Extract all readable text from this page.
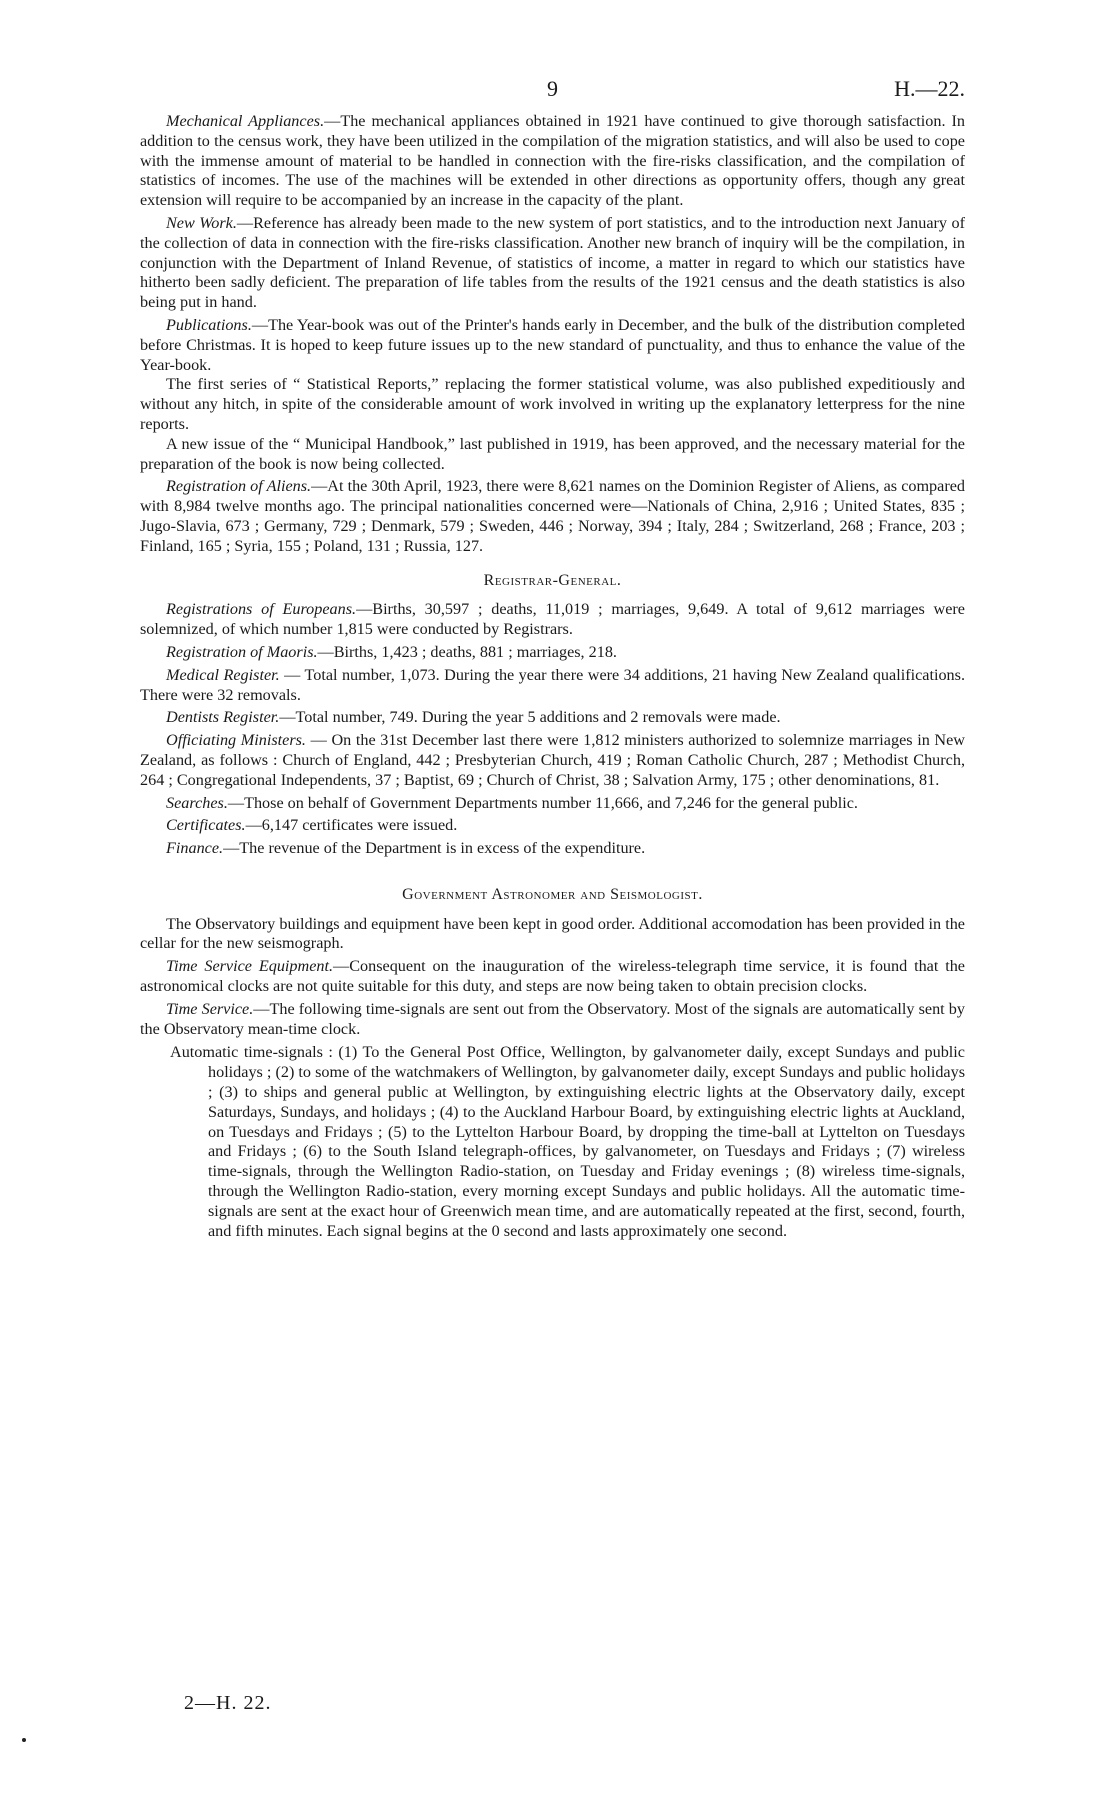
9	H.—22.

Mechanical Appliances.—The mechanical appliances obtained in 1921 have continued to give thorough satisfaction. In addition to the census work, they have been utilized in the compilation of the migration statistics, and will also be used to cope with the immense amount of material to be handled in connection with the fire-risks classification, and the compilation of statistics of incomes. The use of the machines will be extended in other directions as opportunity offers, though any great extension will require to be accompanied by an increase in the capacity of the plant.

New Work.—Reference has already been made to the new system of port statistics, and to the introduction next January of the collection of data in connection with the fire-risks classification. Another new branch of inquiry will be the compilation, in conjunction with the Department of Inland Revenue, of statistics of income, a matter in regard to which our statistics have hitherto been sadly deficient. The preparation of life tables from the results of the 1921 census and the death statistics is also being put in hand.

Publications.—The Year-book was out of the Printer's hands early in December, and the bulk of the distribution completed before Christmas. It is hoped to keep future issues up to the new standard of punctuality, and thus to enhance the value of the Year-book.

The first series of “ Statistical Reports,” replacing the former statistical volume, was also published expeditiously and without any hitch, in spite of the considerable amount of work involved in writing up the explanatory letterpress for the nine reports.

A new issue of the “ Municipal Handbook,” last published in 1919, has been approved, and the necessary material for the preparation of the book is now being collected.

Registration of Aliens.—At the 30th April, 1923, there were 8,621 names on the Dominion Register of Aliens, as compared with 8,984 twelve months ago. The principal nationalities concerned were—Nationals of China, 2,916 ; United States, 835 ; Jugo-Slavia, 673 ; Germany, 729 ; Denmark, 579 ; Sweden, 446 ; Norway, 394 ; Italy, 284 ; Switzerland, 268 ; France, 203 ; Finland, 165 ; Syria, 155 ; Poland, 131 ; Russia, 127.

Registrar-General.

Registrations of Europeans.—Births, 30,597 ; deaths, 11,019 ; marriages, 9,649. A total of 9,612 marriages were solemnized, of which number 1,815 were conducted by Registrars.

Registration of Maoris.—Births, 1,423 ; deaths, 881 ; marriages, 218.

Medical Register. — Total number, 1,073. During the year there were 34 additions, 21 having New Zealand qualifications. There were 32 removals.

Dentists Register.—Total number, 749. During the year 5 additions and 2 removals were made.

Officiating Ministers. — On the 31st December last there were 1,812 ministers authorized to solemnize marriages in New Zealand, as follows : Church of England, 442 ; Presbyterian Church, 419 ; Roman Catholic Church, 287 ; Methodist Church, 264 ; Congregational Independents, 37 ; Baptist, 69 ; Church of Christ, 38 ; Salvation Army, 175 ; other denominations, 81.

Searches.—Those on behalf of Government Departments number 11,666, and 7,246 for the general public.

Certificates.—6,147 certificates were issued.

Finance.—The revenue of the Department is in excess of the expenditure.

Government Astronomer and Seismologist.

The Observatory buildings and equipment have been kept in good order. Additional accomodation has been provided in the cellar for the new seismograph.

Time Service Equipment.—Consequent on the inauguration of the wireless-telegraph time service, it is found that the astronomical clocks are not quite suitable for this duty, and steps are now being taken to obtain precision clocks.

Time Service.—The following time-signals are sent out from the Observatory. Most of the signals are automatically sent by the Observatory mean-time clock.

Automatic time-signals : (1) To the General Post Office, Wellington, by galvanometer daily, except Sundays and public holidays ; (2) to some of the watchmakers of Wellington, by galvanometer daily, except Sundays and public holidays ; (3) to ships and general public at Wellington, by extinguishing electric lights at the Observatory daily, except Saturdays, Sundays, and holidays ; (4) to the Auckland Harbour Board, by extinguishing electric lights at Auckland, on Tuesdays and Fridays ; (5) to the Lyttelton Harbour Board, by dropping the time-ball at Lyttelton on Tuesdays and Fridays ; (6) to the South Island telegraph-offices, by galvanometer, on Tuesdays and Fridays ; (7) wireless time-signals, through the Wellington Radio-station, on Tuesday and Friday evenings ; (8) wireless time-signals, through the Wellington Radio-station, every morning except Sundays and public holidays. All the automatic time-signals are sent at the exact hour of Greenwich mean time, and are automatically repeated at the first, second, fourth, and fifth minutes. Each signal begins at the 0 second and lasts approximately one second.

2—H. 22.
